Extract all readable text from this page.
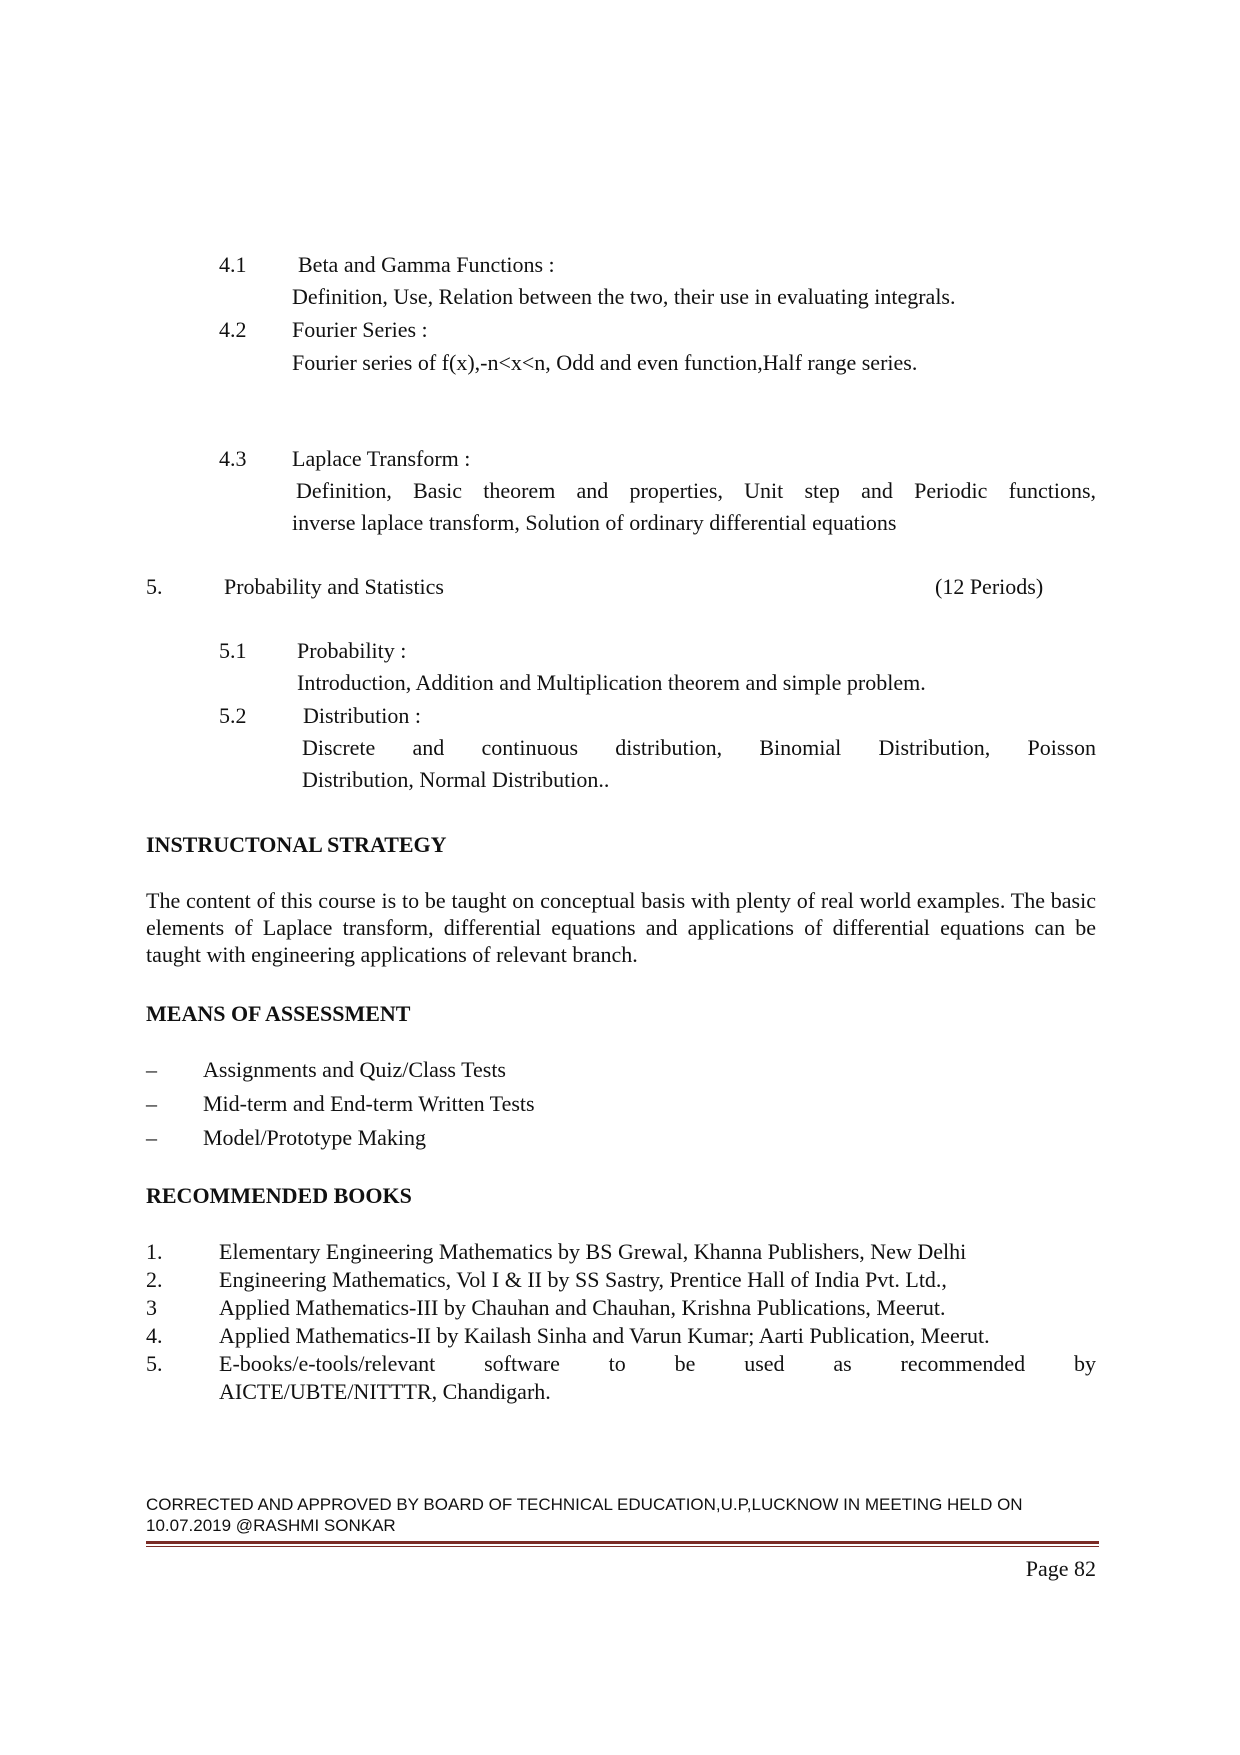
4.1 Beta and Gamma Functions :
Definition, Use, Relation between the two, their use in evaluating integrals.
4.2 Fourier Series :
Fourier series of f(x),-n<x<n, Odd and even function,Half range series.
4.3 Laplace Transform :
Definition, Basic theorem and properties, Unit step and Periodic functions,
inverse laplace transform, Solution of ordinary differential equations
5.	Probability and Statistics	(12 Periods)
5.1 Probability :
Introduction, Addition and Multiplication theorem and simple problem.
5.2	Distribution :
Discrete and continuous distribution, Binomial Distribution, Poisson
Distribution, Normal Distribution..
INSTRUCTONAL STRATEGY
The content of this course is to be taught on conceptual basis with plenty of real world examples. The basic elements of Laplace transform, differential equations and applications of differential equations can be taught with engineering applications of relevant branch.
MEANS OF ASSESSMENT
– Assignments and Quiz/Class Tests
– Mid-term and End-term Written Tests
– Model/Prototype Making
RECOMMENDED BOOKS
1.	Elementary Engineering Mathematics by BS Grewal, Khanna Publishers, New Delhi
2.	Engineering Mathematics, Vol I & II by SS Sastry, Prentice Hall of India Pvt. Ltd.,
3	Applied Mathematics-III by Chauhan and Chauhan, Krishna Publications, Meerut.
4.	Applied Mathematics-II by Kailash Sinha and Varun Kumar; Aarti Publication, Meerut.
5.	E-books/e-tools/relevant software to be used as recommended by
AICTE/UBTE/NITTTR, Chandigarh.
CORRECTED AND APPROVED BY BOARD OF TECHNICAL EDUCATION,U.P,LUCKNOW IN MEETING HELD ON
10.07.2019 @RASHMI SONKAR
Page 82
